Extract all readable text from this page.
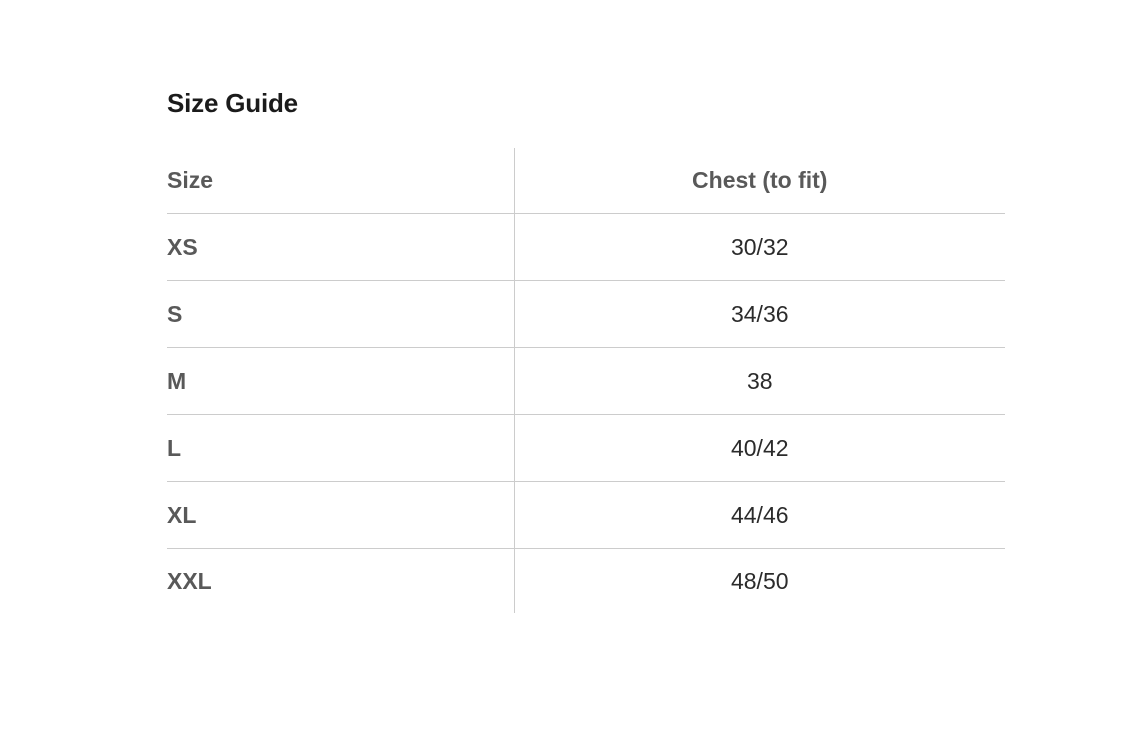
Size Guide
Size	Chest (to fit)
XS	30/32
S	34/36
M	38
L	40/42
XL	44/46
XXL	48/50
